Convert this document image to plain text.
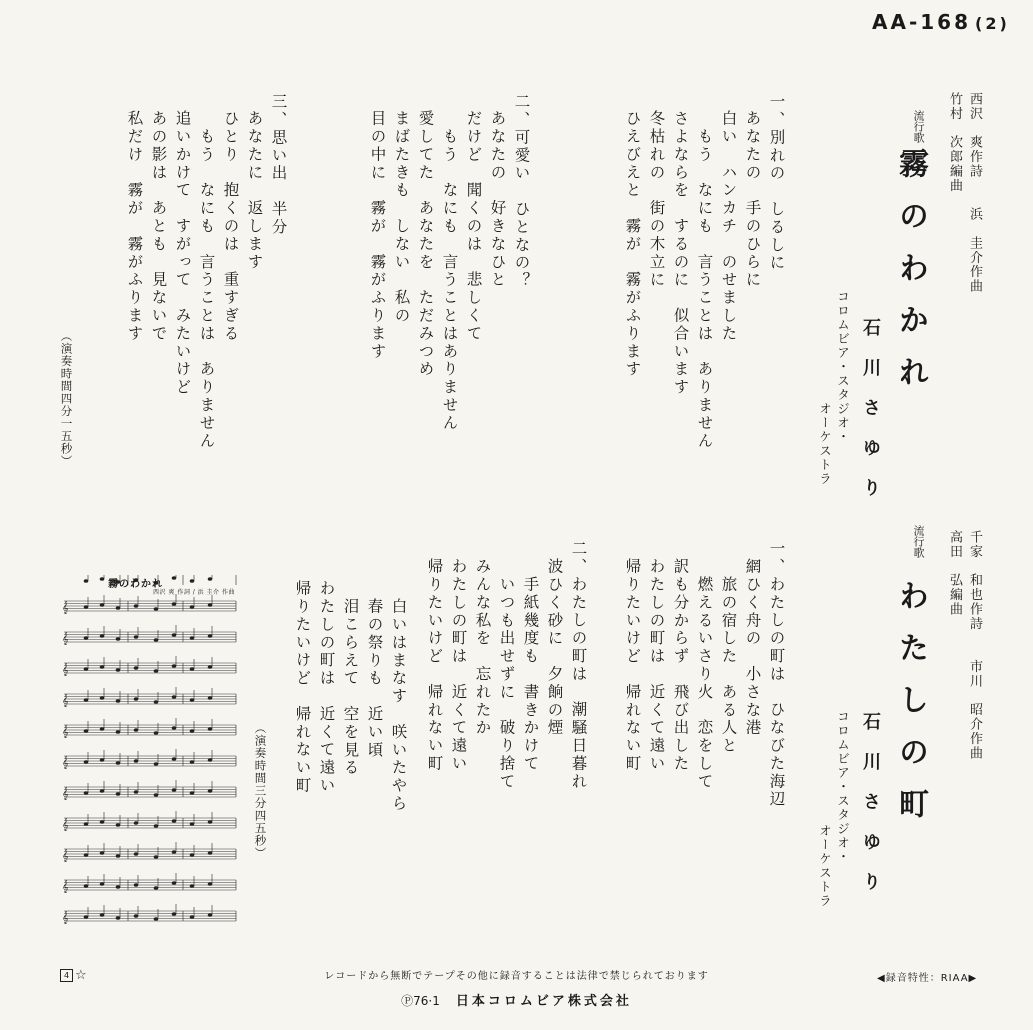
AA-168 (2)
西沢　爽作詩　　浜　圭介作曲
竹村　次郎編曲
流行歌
霧のわかれ
石川さゆり
コロムビア・スタジオ・
オーケストラ
一、別れの　しるしに
あなたの　手のひらに
白い　ハンカチ　のせました
　もう　なにも　言うことは　ありません
さよならを　するのに　似合います
冬枯れの　街の木立に
ひえびえと　霧が　霧がふります
二、可愛い　ひとなの？
あなたの　好きなひと
だけど　聞くのは　悲しくて
　もう　なにも　言うことはありません
愛してた　あなたを　ただみつめ
まばたきも　しない　私の
目の中に　霧が　霧がふります
三、思い出　半分
あなたに　返します
ひとり　抱くのは　重すぎる
　もう　なにも　言うことは　ありません
追いかけて　すがって　みたいけど
あの影は　あとも　見ないで
私だけ　霧が　霧がふります
（演奏時間四分一五秒）
千家　和也作詩　　市川　昭介作曲
高田　弘編曲
流行歌
わたしの町
石川さゆり
コロムビア・スタジオ・
オーケストラ
一、わたしの町は　ひなびた海辺
網ひく舟の　小さな港
　旅の宿した　ある人と
　燃えるいさり火　恋をして
訳も分からず　飛び出した
わたしの町は　近くて遠い
帰りたいけど　帰れない町
二、わたしの町は　潮騒日暮れ
波ひく砂に　夕餉の煙
　手紙幾度も　書きかけて
　いつも出せずに　破り捨て
みんな私を　忘れたか
わたしの町は　近くて遠い
帰りたいけど　帰れない町
白いはまなす　咲いたやら
春の祭りも　近い頃
泪こらえて　空を見る
わたしの町は　近くて遠い
帰りたいけど　帰れない町
（演奏時間三分四五秒）
霧のわかれ
西沢 爽 作詞 / 浜 圭介 作曲
𝄞
𝄞
𝄞
𝄞
𝄞
𝄞
𝄞
𝄞
𝄞
𝄞
𝄞
4 ☆	レコードから無断でテープその他に録音することは法律で禁じられております	◀録音特性：RIAA▶
Ⓟ76·1 日本コロムビア株式会社
